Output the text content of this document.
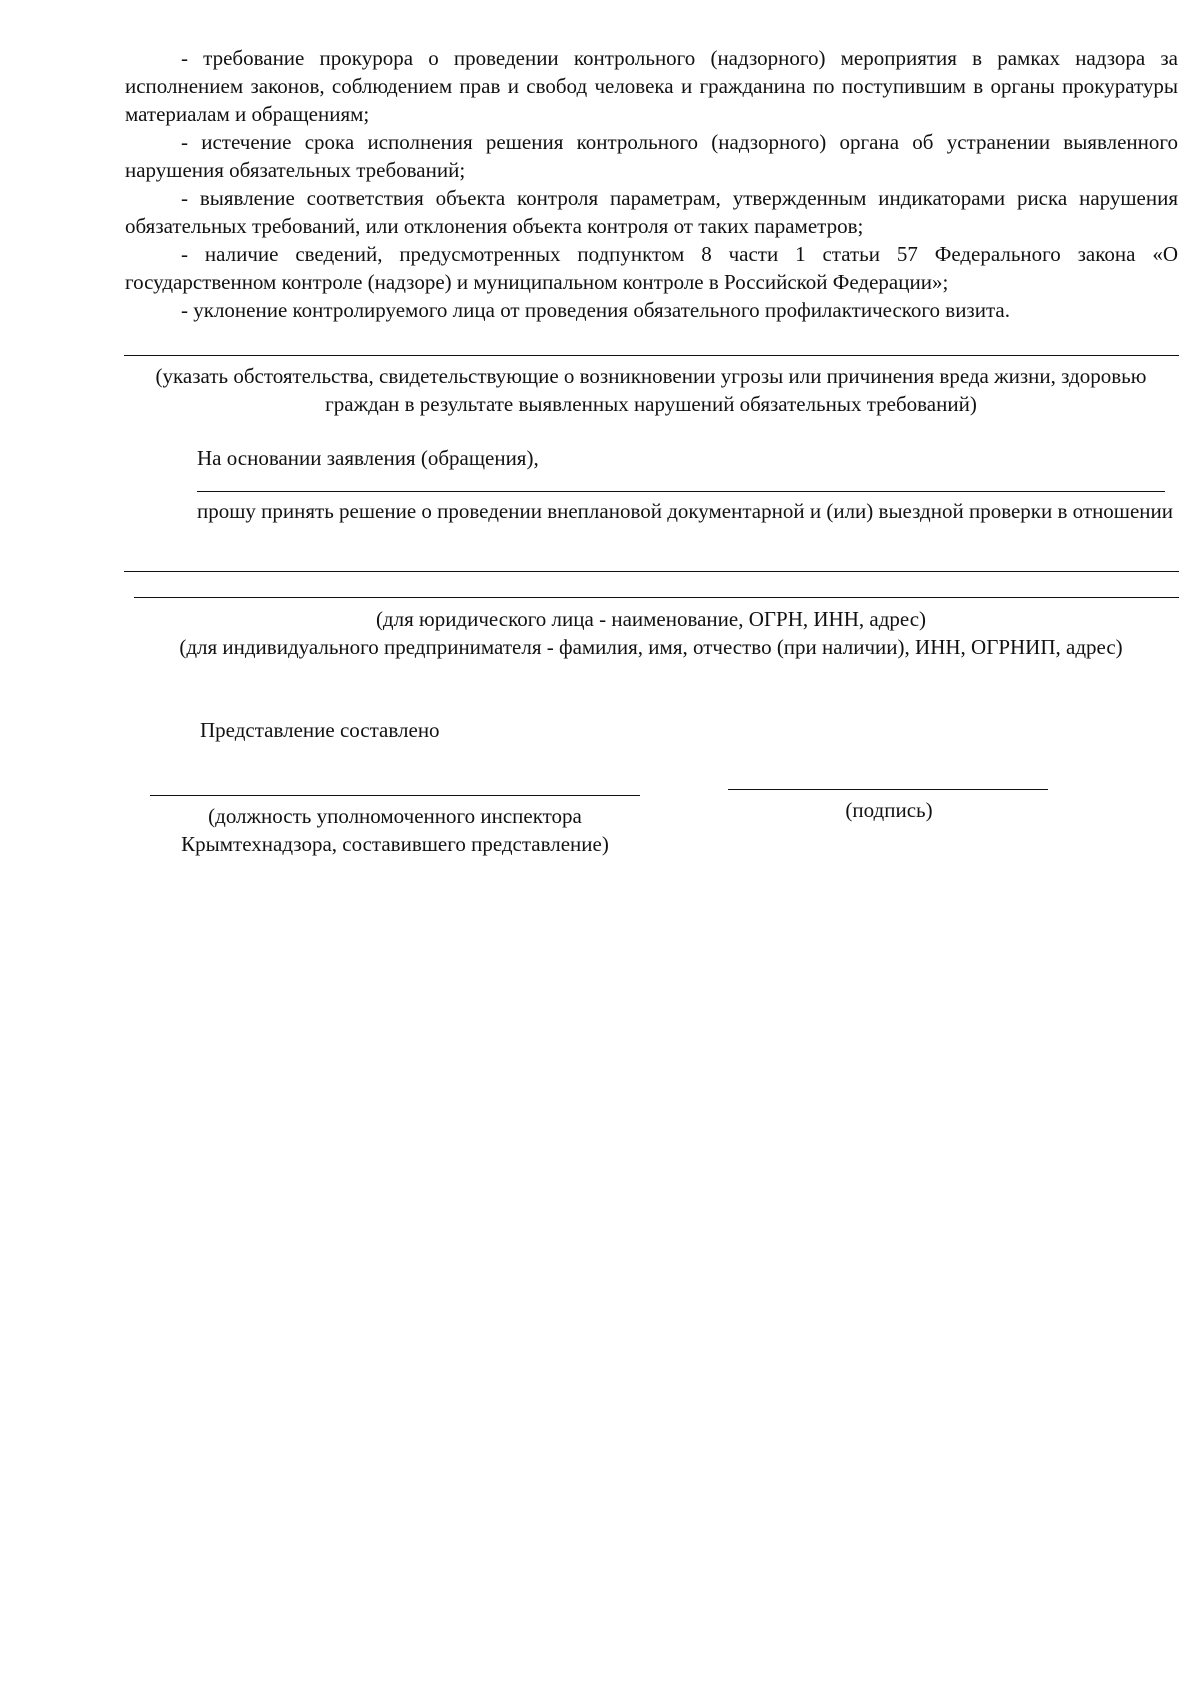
- требование прокурора о проведении контрольного (надзорного) мероприятия в рамках надзора за исполнением законов, соблюдением прав и свобод человека и гражданина по поступившим в органы прокуратуры материалам и обращениям;

- истечение срока исполнения решения контрольного (надзорного) органа об устранении выявленного нарушения обязательных требований;

- выявление соответствия объекта контроля параметрам, утвержденным индикаторами риска нарушения обязательных требований, или отклонения объекта контроля от таких параметров;

- наличие сведений, предусмотренных подпунктом 8 части 1 статьи 57 Федерального закона «О государственном контроле (надзоре) и муниципальном контроле в Российской Федерации»;

- уклонение контролируемого лица от проведения обязательного профилактического визита.

(указать обстоятельства, свидетельствующие о возникновении угрозы или причинения вреда жизни, здоровью граждан в результате выявленных нарушений обязательных требований)

На основании заявления (обращения),

прошу принять решение о проведении внеплановой документарной и (или) выездной проверки в отношении

(для юридического лица - наименование, ОГРН, ИНН, адрес)

(для индивидуального предпринимателя - фамилия, имя, отчество (при наличии), ИНН, ОГРНИП, адрес)

Представление составлено

(должность уполномоченного инспектора Крымтехнадзора, составившего представление)

(подпись)
